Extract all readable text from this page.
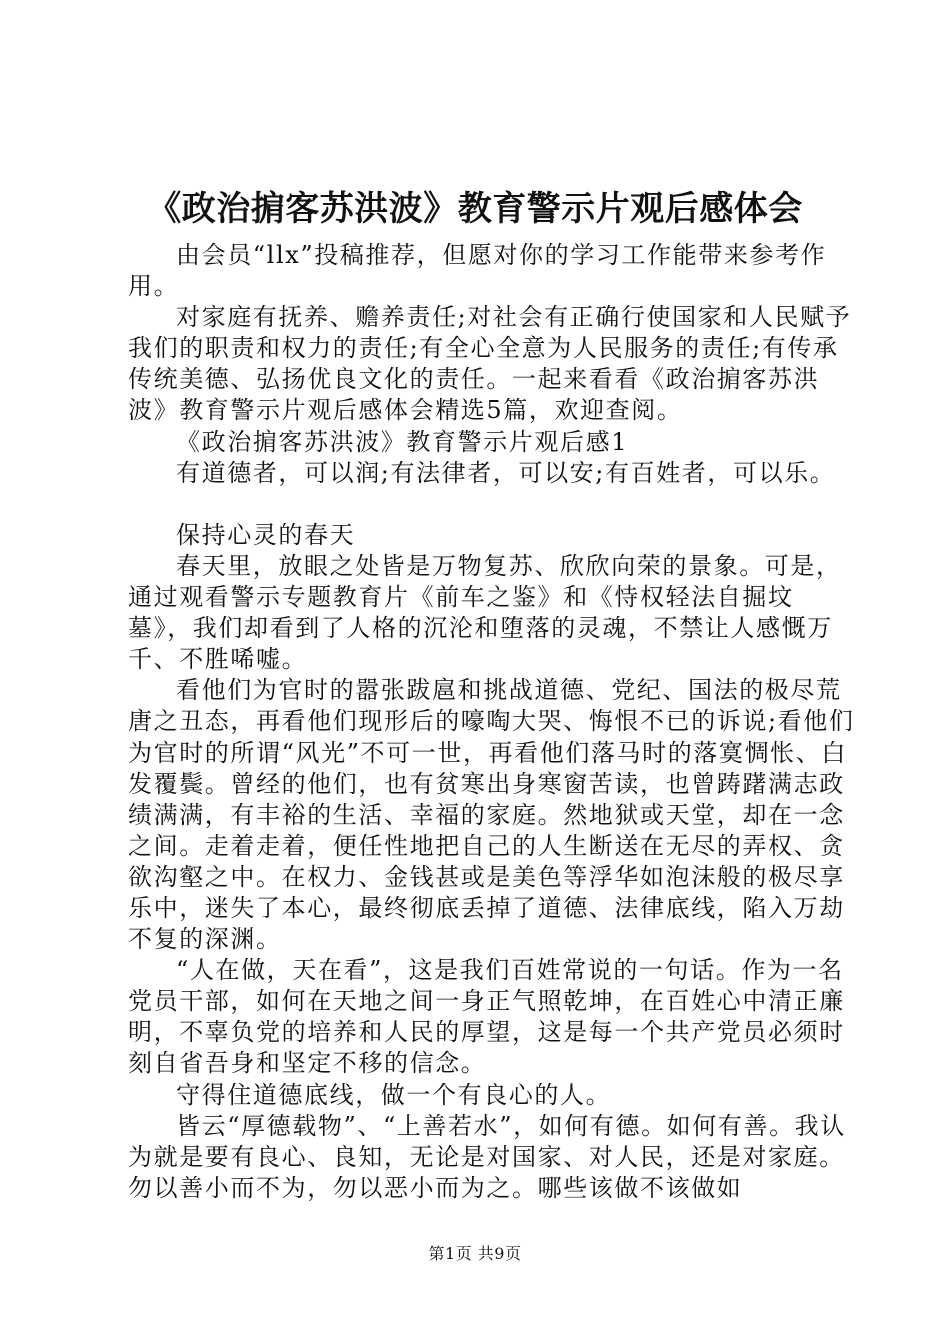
《政治掮客苏洪波》教育警示片观后感体会

由会员“llx”投稿推荐，但愿对你的学习工作能带来参考作用。

对家庭有抚养、赡养责任;对社会有正确行使国家和人民赋予我们的职责和权力的责任;有全心全意为人民服务的责任;有传承传统美德、弘扬优良文化的责任。一起来看看《政治掮客苏洪波》教育警示片观后感体会精选5篇，欢迎查阅。

《政治掮客苏洪波》教育警示片观后感1

有道德者，可以润;有法律者，可以安;有百姓者，可以乐。

保持心灵的春天

春天里，放眼之处皆是万物复苏、欣欣向荣的景象。可是，通过观看警示专题教育片《前车之鉴》和《恃权轻法自掘坟墓》，我们却看到了人格的沉沦和堕落的灵魂，不禁让人感慨万千、不胜唏嘘。

看他们为官时的嚣张跋扈和挑战道德、党纪、国法的极尽荒唐之丑态，再看他们现形后的嚎啕大哭、悔恨不已的诉说;看他们为官时的所谓“风光”不可一世，再看他们落马时的落寞惆怅、白发覆鬓。曾经的他们，也有贫寒出身寒窗苦读，也曾踌躇满志政绩满满，有丰裕的生活、幸福的家庭。然地狱或天堂，却在一念之间。走着走着，便任性地把自己的人生断送在无尽的弄权、贪欲沟壑之中。在权力、金钱甚或是美色等浮华如泡沫般的极尽享乐中，迷失了本心，最终彻底丢掉了道德、法律底线，陷入万劫不复的深渊。

“人在做，天在看”，这是我们百姓常说的一句话。作为一名党员干部，如何在天地之间一身正气照乾坤，在百姓心中清正廉明，不辜负党的培养和人民的厚望，这是每一个共产党员必须时刻自省吾身和坚定不移的信念。

守得住道德底线，做一个有良心的人。

皆云“厚德载物”、“上善若水”，如何有德。如何有善。我认为就是要有良心、良知，无论是对国家、对人民，还是对家庭。勿以善小而不为，勿以恶小而为之。哪些该做不该做如

第1页 共9页
